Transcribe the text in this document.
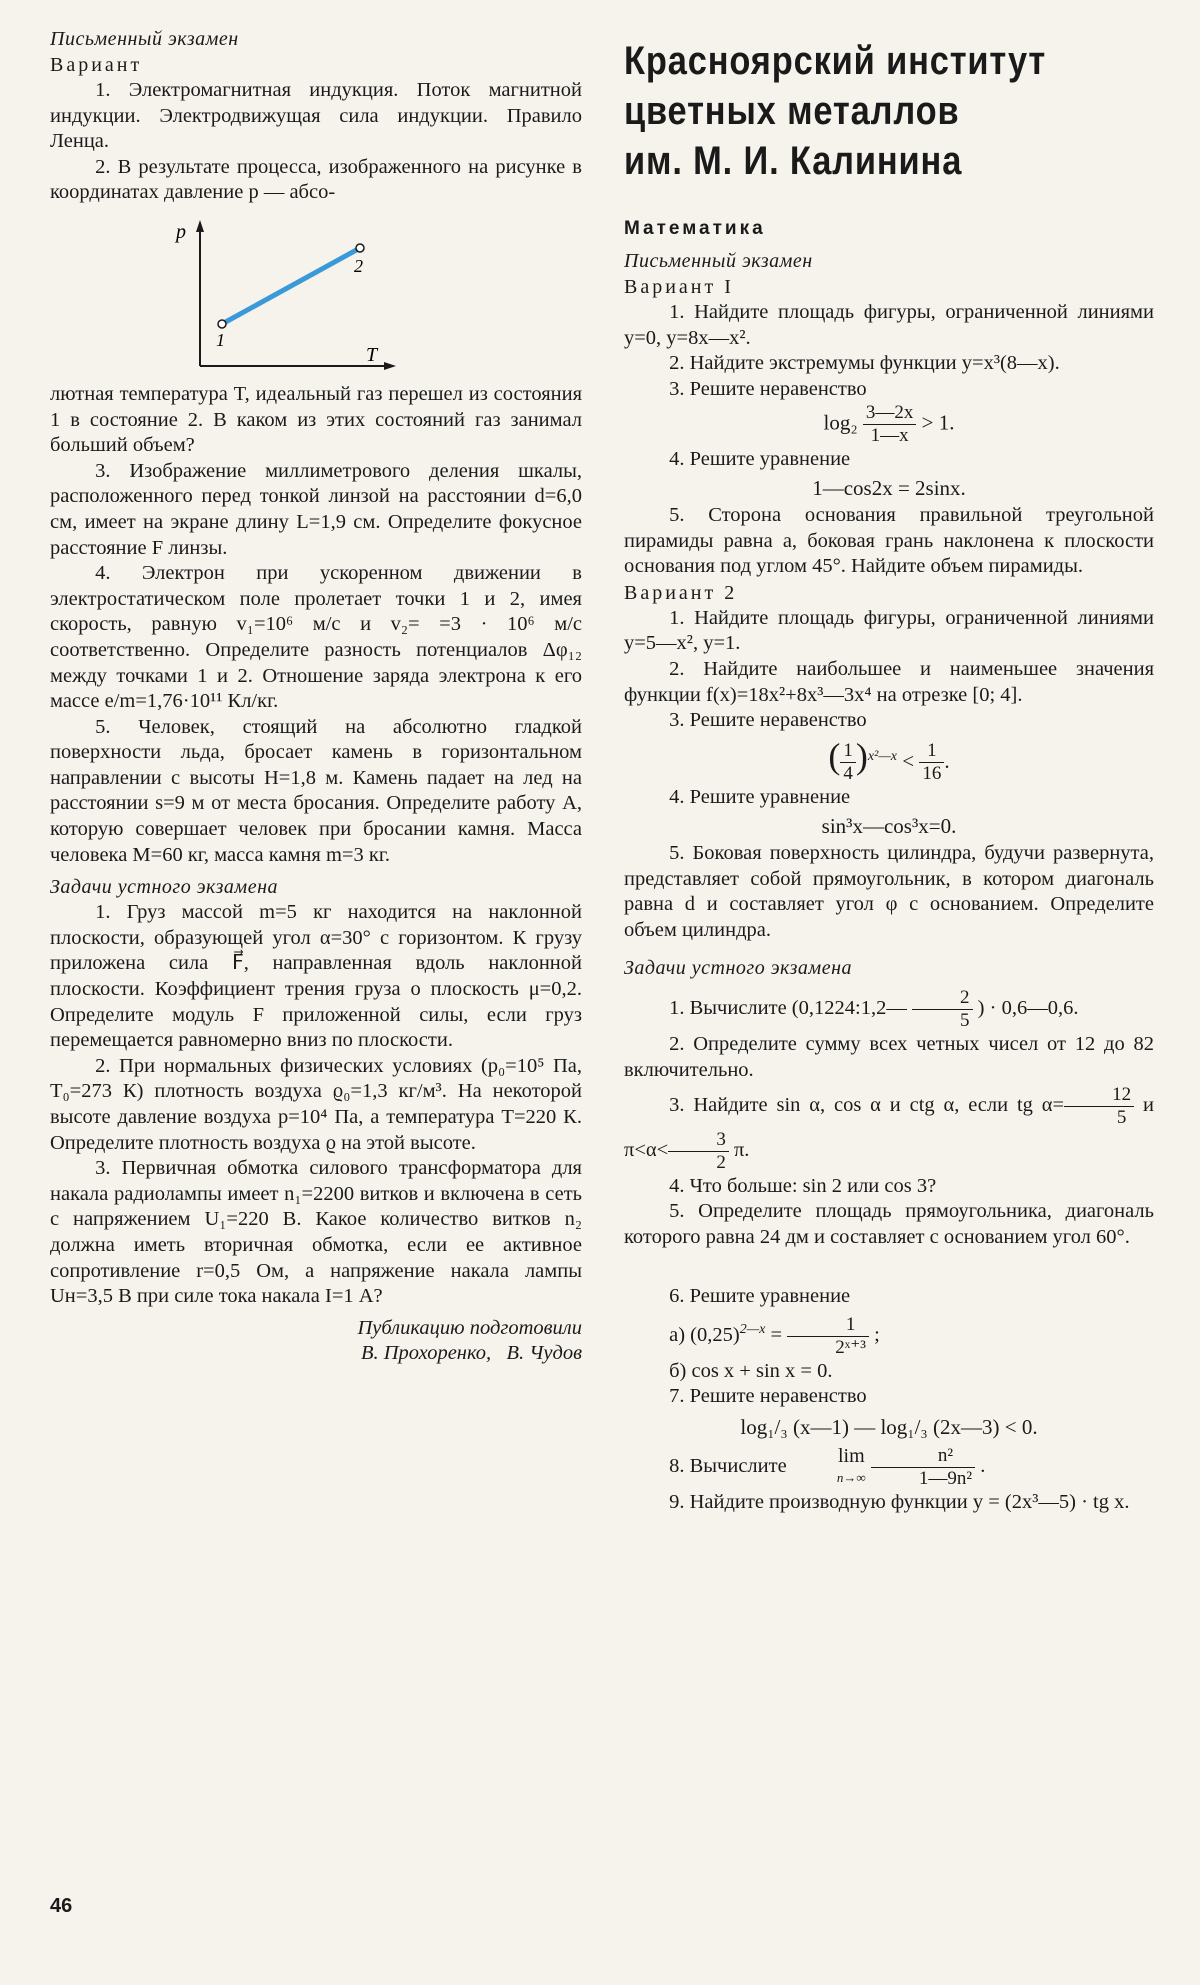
Письменный экзамен

Вариант

1. Электромагнитная индукция. Поток магнитной индукции. Электродвижущая сила индукции. Правило Ленца.

2. В результате процесса, изображенного на рисунке в координатах давление p — абсо-

p
T
1
2

лютная температура T, идеальный газ перешел из состояния 1 в состояние 2. В каком из этих состояний газ занимал больший объем?

3. Изображение миллиметрового деления шкалы, расположенного перед тонкой линзой на расстоянии d=6,0 см, имеет на экране длину L=1,9 см. Определите фокусное расстояние F линзы.

4. Электрон при ускоренном движении в электростатическом поле пролетает точки 1 и 2, имея скорость, равную v₁=10⁶ м/с и v₂= =3 · 10⁶ м/с соответственно. Определите разность потенциалов Δφ₁₂ между точками 1 и 2. Отношение заряда электрона к его массе e/m=1,76·10¹¹ Кл/кг.

5. Человек, стоящий на абсолютно гладкой поверхности льда, бросает камень в горизонтальном направлении с высоты H=1,8 м. Камень падает на лед на расстоянии s=9 м от места бросания. Определите работу A, которую совершает человек при бросании камня. Масса человека M=60 кг, масса камня m=3 кг.

Задачи устного экзамена

1. Груз массой m=5 кг находится на наклонной плоскости, образующей угол α=30° с горизонтом. К грузу приложена сила F⃗, направленная вдоль наклонной плоскости. Коэффициент трения груза о плоскость μ=0,2. Определите модуль F приложенной силы, если груз перемещается равномерно вниз по плоскости.

2. При нормальных физических условиях (p₀=10⁵ Па, T₀=273 К) плотность воздуха ϱ₀=1,3 кг/м³. На некоторой высоте давление воздуха p=10⁴ Па, а температура T=220 К. Определите плотность воздуха ϱ на этой высоте.

3. Первичная обмотка силового трансформатора для накала радиолампы имеет n₁=2200 витков и включена в сеть с напряжением U₁=220 В. Какое количество витков n₂ должна иметь вторичная обмотка, если ее активное сопротивление r=0,5 Ом, а напряжение накала лампы Uн=3,5 В при силе тока накала I=1 А?

Публикацию подготовили

В. Прохоренко,   В. Чудов

Красноярский институт
цветных металлов
им. М. И. Калинина

Математика

Письменный экзамен

Вариант I

1. Найдите площадь фигуры, ограниченной линиями y=0, y=8x—x².

2. Найдите экстремумы функции y=x³(8—x).

3. Решите неравенство

$\log_2 \frac{3—2x}{1—x} > 1$.

4. Решите уравнение

1—cos2x = 2sinx.

5. Сторона основания правильной треугольной пирамиды равна a, боковая грань наклонена к плоскости основания под углом 45°. Найдите объем пирамиды.

Вариант 2

1. Найдите площадь фигуры, ограниченной линиями y=5—x², y=1.

2. Найдите наибольшее и наименьшее значения функции f(x)=18x²+8x³—3x⁴ на отрезке [0; 4].

3. Решите неравенство

( $\frac{1}{4} )^{x^2—x} < \frac{1}{16}$ .

4. Решите уравнение

sin³x—cos³x=0.

5. Боковая поверхность цилиндра, будучи развернута, представляет собой прямоугольник, в котором диагональ равна d и составляет угол φ с основанием. Определите объем цилиндра.

Задачи устного экзамена

1. Вычислите (0,1224:1,2— $\frac{2}{5}$ ) · 0,6—0,6.

2. Определите сумму всех четных чисел от 12 до 82 включительно.

3. Найдите sin α, cos α и ctg α, если tg $\alpha= \frac{12}{5}$ и $\pi<\alpha< \frac{3}{2} \pi$.

4. Что больше: sin 2 или cos 3?

5. Определите площадь прямоугольника, диагональ которого равна 24 дм и составляет с основанием угол 60°.

6. Решите уравнение

а) $(0,25)^{2—x} = \frac{1}{\text{2ˣ⁺³}}$ ;

б) cos x + sin x = 0.

7. Решите неравенство

log₁/₃ (x—1) — log₁/₃ (2x—3) < 0.

8. Вычислите	lim
n→∞
$\frac{\text{n²}}{\text{1—9n²}}$ .

9. Найдите производную функции y = (2x³—5) · tg x.

46
